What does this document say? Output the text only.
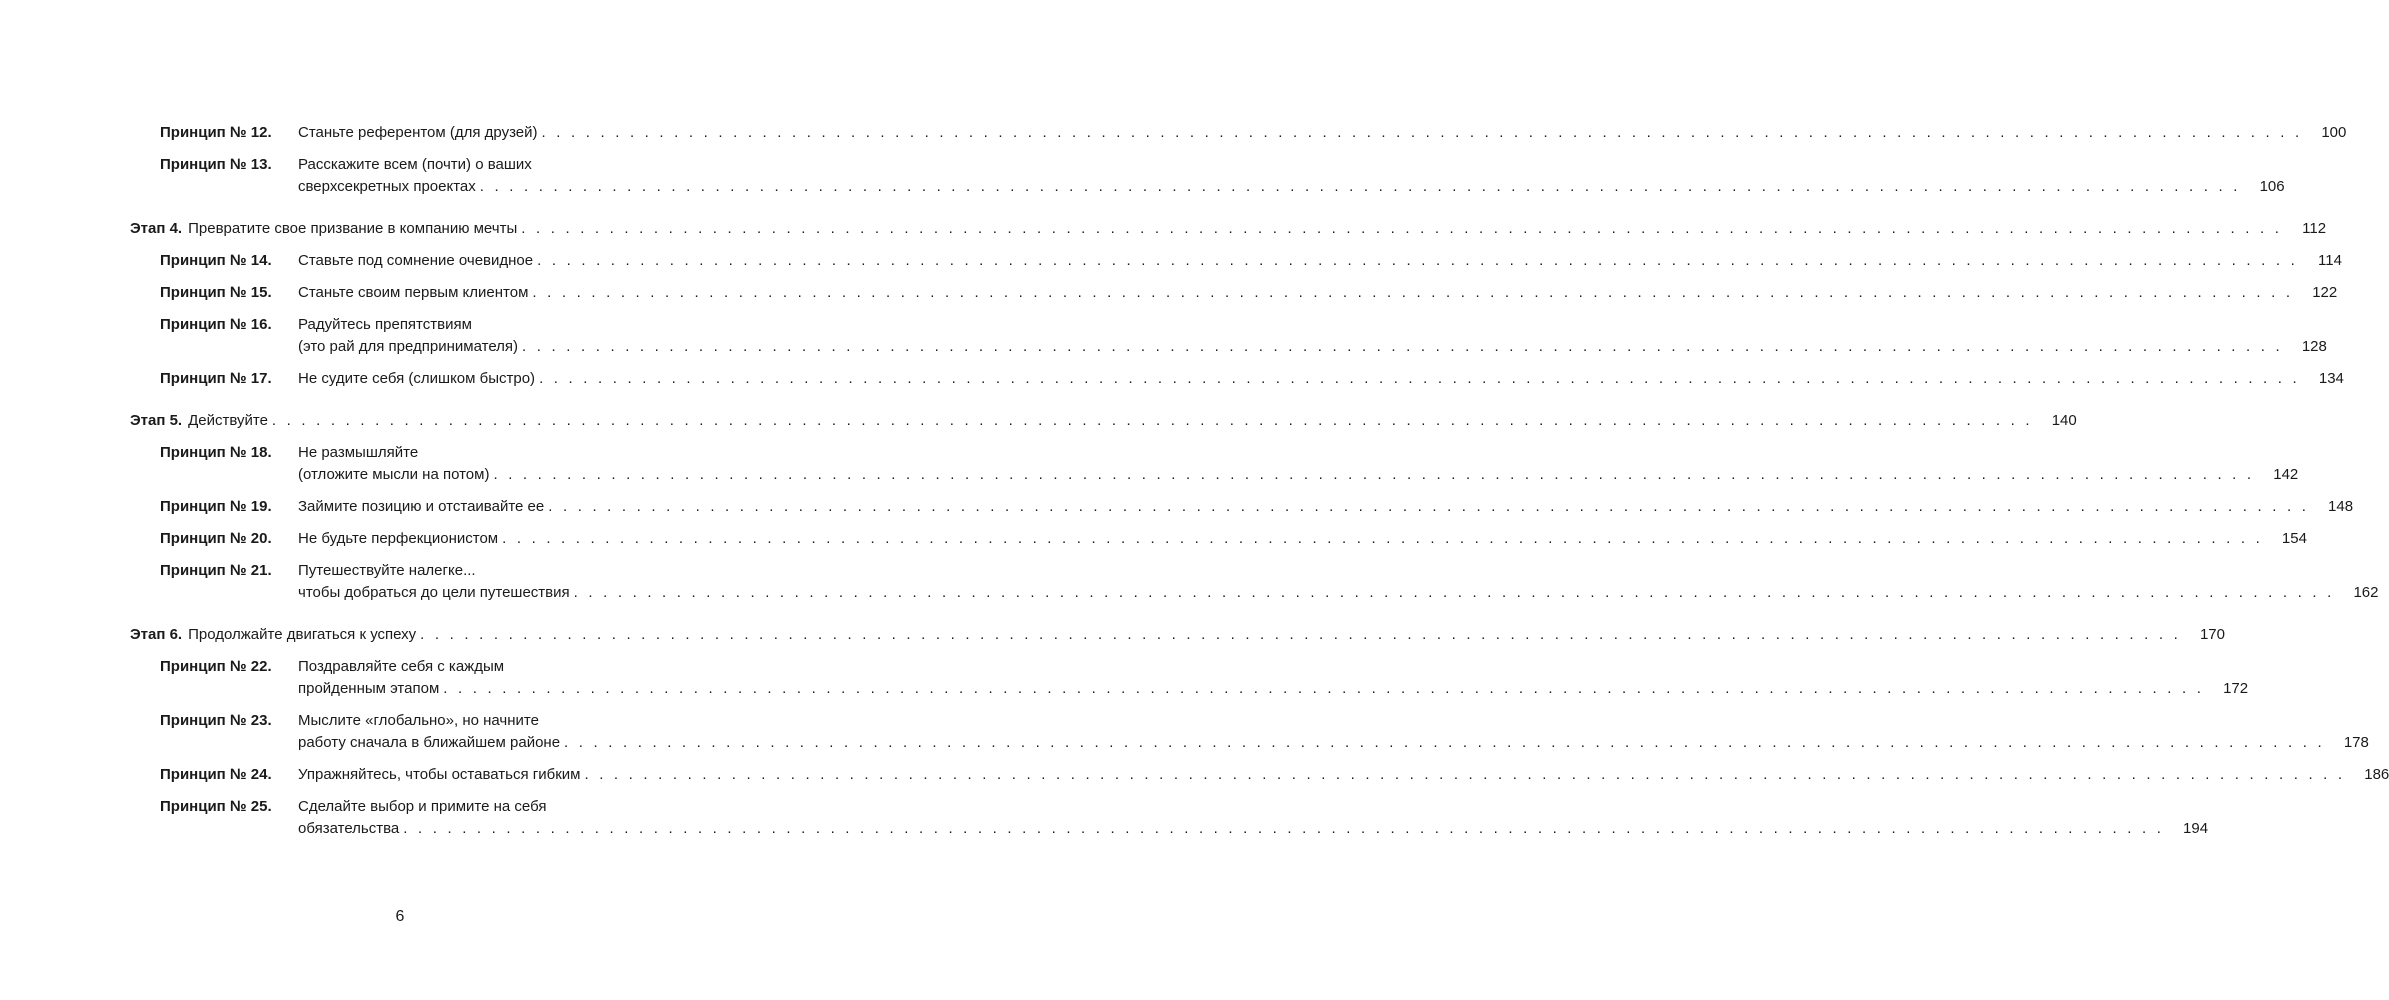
Принцип № 12.	Станьте референтом (для друзей) . . . . . . . . . . . . . . . . . . . . . . . . . . . . . . . . . . . . . . . . . . . . . . . . . . . . . . . . . . . . . . . . . . . . . . . . . . . . . . . . . . . . . . . . . . . . . . . . . . . . . . . . . . . . . . . . . . . . . . . .	100
Принцип № 13.	Расскажите всем (почти) о ваших
сверхсекретных проектах . . . . . . . . . . . . . . . . . . . . . . . . . . . . . . . . . . . . . . . . . . . . . . . . . . . . . . . . . . . . . . . . . . . . . . . . . . . . . . . . . . . . . . . . . . . . . . . . . . . . . . . . . . . . . . . . . . . . . . . .	106
Этап 4. Превратите свое призвание в компанию мечты . . . . . . . . . . . . . . . . . . . . . . . . . . . . . . . . . . . . . . . . . . . . . . . . . . . . . . . . . . . . . . . . . . . . . . . . . . . . . . . . . . . . . . . . . . . . . . . . . . . . . . . . . . . . . . . . . . . . . . . .	112
Принцип № 14.	Ставьте под сомнение очевидное . . . . . . . . . . . . . . . . . . . . . . . . . . . . . . . . . . . . . . . . . . . . . . . . . . . . . . . . . . . . . . . . . . . . . . . . . . . . . . . . . . . . . . . . . . . . . . . . . . . . . . . . . . . . . . . . . . . . . . . .	114
Принцип № 15.	Станьте своим первым клиентом . . . . . . . . . . . . . . . . . . . . . . . . . . . . . . . . . . . . . . . . . . . . . . . . . . . . . . . . . . . . . . . . . . . . . . . . . . . . . . . . . . . . . . . . . . . . . . . . . . . . . . . . . . . . . . . . . . . . . . . .	122
Принцип № 16.	Радуйтесь препятствиям
(это рай для предпринимателя) . . . . . . . . . . . . . . . . . . . . . . . . . . . . . . . . . . . . . . . . . . . . . . . . . . . . . . . . . . . . . . . . . . . . . . . . . . . . . . . . . . . . . . . . . . . . . . . . . . . . . . . . . . . . . . . . . . . . . . . .	128
Принцип № 17.	Не судите себя (слишком быстро) . . . . . . . . . . . . . . . . . . . . . . . . . . . . . . . . . . . . . . . . . . . . . . . . . . . . . . . . . . . . . . . . . . . . . . . . . . . . . . . . . . . . . . . . . . . . . . . . . . . . . . . . . . . . . . . . . . . . . . . .	134
Этап 5. Действуйте . . . . . . . . . . . . . . . . . . . . . . . . . . . . . . . . . . . . . . . . . . . . . . . . . . . . . . . . . . . . . . . . . . . . . . . . . . . . . . . . . . . . . . . . . . . . . . . . . . . . . . . . . . . . . . . . . . . . . . . .	140
Принцип № 18.	Не размышляйте
(отложите мысли на потом) . . . . . . . . . . . . . . . . . . . . . . . . . . . . . . . . . . . . . . . . . . . . . . . . . . . . . . . . . . . . . . . . . . . . . . . . . . . . . . . . . . . . . . . . . . . . . . . . . . . . . . . . . . . . . . . . . . . . . . . .	142
Принцип № 19.	Займите позицию и отстаивайте ее . . . . . . . . . . . . . . . . . . . . . . . . . . . . . . . . . . . . . . . . . . . . . . . . . . . . . . . . . . . . . . . . . . . . . . . . . . . . . . . . . . . . . . . . . . . . . . . . . . . . . . . . . . . . . . . . . . . . . . . .	148
Принцип № 20.	Не будьте перфекционистом . . . . . . . . . . . . . . . . . . . . . . . . . . . . . . . . . . . . . . . . . . . . . . . . . . . . . . . . . . . . . . . . . . . . . . . . . . . . . . . . . . . . . . . . . . . . . . . . . . . . . . . . . . . . . . . . . . . . . . . .	154
Принцип № 21.	Путешествуйте налегке...
чтобы добраться до цели путешествия . . . . . . . . . . . . . . . . . . . . . . . . . . . . . . . . . . . . . . . . . . . . . . . . . . . . . . . . . . . . . . . . . . . . . . . . . . . . . . . . . . . . . . . . . . . . . . . . . . . . . . . . . . . . . . . . . . . . . . . .	162
Этап 6. Продолжайте двигаться к успеху . . . . . . . . . . . . . . . . . . . . . . . . . . . . . . . . . . . . . . . . . . . . . . . . . . . . . . . . . . . . . . . . . . . . . . . . . . . . . . . . . . . . . . . . . . . . . . . . . . . . . . . . . . . . . . . . . . . . . . . .	170
Принцип № 22.	Поздравляйте себя с каждым
пройденным этапом . . . . . . . . . . . . . . . . . . . . . . . . . . . . . . . . . . . . . . . . . . . . . . . . . . . . . . . . . . . . . . . . . . . . . . . . . . . . . . . . . . . . . . . . . . . . . . . . . . . . . . . . . . . . . . . . . . . . . . . .	172
Принцип № 23.	Мыслите «глобально», но начните
работу сначала в ближайшем районе . . . . . . . . . . . . . . . . . . . . . . . . . . . . . . . . . . . . . . . . . . . . . . . . . . . . . . . . . . . . . . . . . . . . . . . . . . . . . . . . . . . . . . . . . . . . . . . . . . . . . . . . . . . . . . . . . . . . . . . .	178
Принцип № 24.	Упражняйтесь, чтобы оставаться гибким . . . . . . . . . . . . . . . . . . . . . . . . . . . . . . . . . . . . . . . . . . . . . . . . . . . . . . . . . . . . . . . . . . . . . . . . . . . . . . . . . . . . . . . . . . . . . . . . . . . . . . . . . . . . . . . . . . . . . . . .	186
Принцип № 25.	Сделайте выбор и примите на себя
обязательства . . . . . . . . . . . . . . . . . . . . . . . . . . . . . . . . . . . . . . . . . . . . . . . . . . . . . . . . . . . . . . . . . . . . . . . . . . . . . . . . . . . . . . . . . . . . . . . . . . . . . . . . . . . . . . . . . . . . . . . .	194
6
